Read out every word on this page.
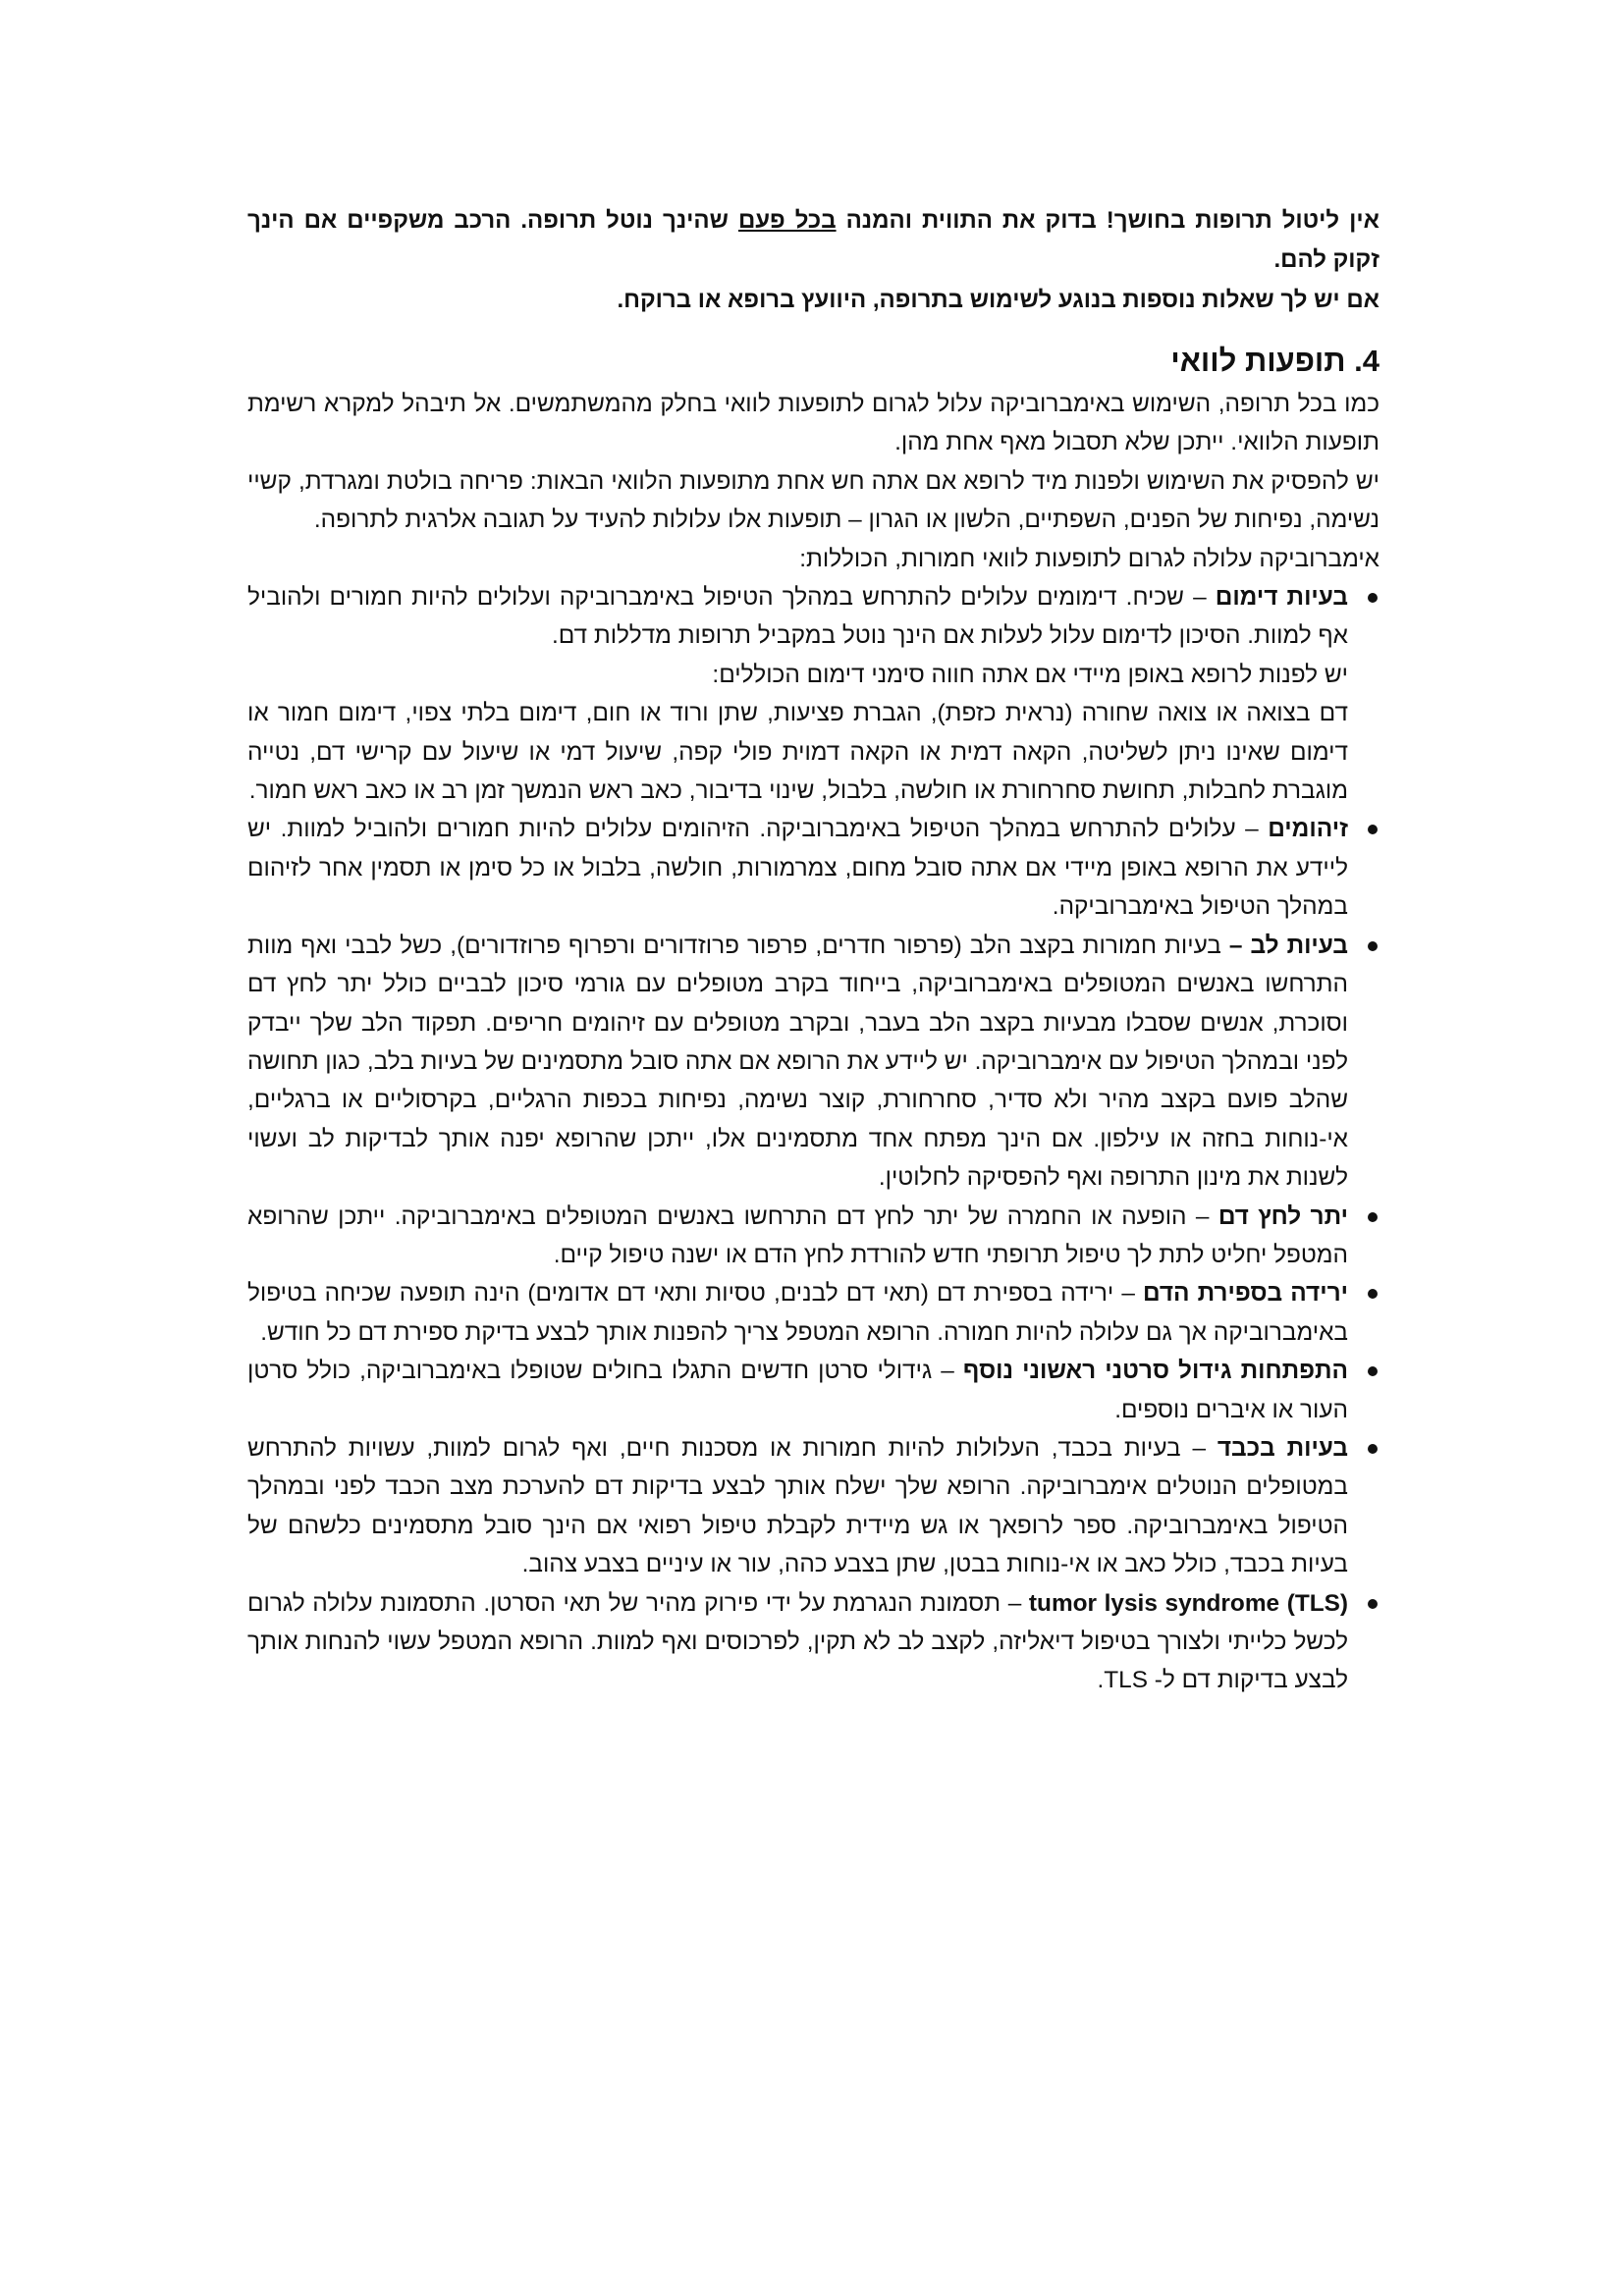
אין ליטול תרופות בחושך! בדוק את התווית והמנה בכל פעם שהינך נוטל תרופה. הרכב משקפיים אם הינך זקוק להם.

אם יש לך שאלות נוספות בנוגע לשימוש בתרופה, היוועץ ברופא או ברוקח.

4. תופעות לוואי

כמו בכל תרופה, השימוש באימברוביקה עלול לגרום לתופעות לוואי בחלק מהמשתמשים. אל תיבהל למקרא רשימת תופעות הלוואי. ייתכן שלא תסבול מאף אחת מהן.

יש להפסיק את השימוש ולפנות מיד לרופא אם אתה חש אחת מתופעות הלוואי הבאות: פריחה בולטת ומגרדת, קשיי נשימה, נפיחות של הפנים, השפתיים, הלשון או הגרון – תופעות אלו עלולות להעיד על תגובה אלרגית לתרופה.

אימברוביקה עלולה לגרום לתופעות לוואי חמורות, הכוללות:

בעיות דימום – שכיח. דימומים עלולים להתרחש במהלך הטיפול באימברוביקה ועלולים להיות חמורים ולהוביל אף למוות. הסיכון לדימום עלול לעלות אם הינך נוטל במקביל תרופות מדללות דם.
יש לפנות לרופא באופן מיידי אם אתה חווה סימני דימום הכוללים:
דם בצואה או צואה שחורה (נראית כזפת), הגברת פציעות, שתן ורוד או חום, דימום בלתי צפוי, דימום חמור או דימום שאינו ניתן לשליטה, הקאה דמית או הקאה דמוית פולי קפה, שיעול דמי או שיעול עם קרישי דם, נטייה מוגברת לחבלות, תחושת סחרחורת או חולשה, בלבול, שינוי בדיבור, כאב ראש הנמשך זמן רב או כאב ראש חמור.
זיהומים – עלולים להתרחש במהלך הטיפול באימברוביקה. הזיהומים עלולים להיות חמורים ולהוביל למוות. יש ליידע את הרופא באופן מיידי אם אתה סובל מחום, צמרמורות, חולשה, בלבול או כל סימן או תסמין אחר לזיהום במהלך הטיפול באימברוביקה.
בעיות לב – בעיות חמורות בקצב הלב (פרפור חדרים, פרפור פרוזדורים ורפרוף פרוזדורים), כשל לבבי ואף מוות התרחשו באנשים המטופלים באימברוביקה, בייחוד בקרב מטופלים עם גורמי סיכון לבביים כולל יתר לחץ דם וסוכרת, אנשים שסבלו מבעיות בקצב הלב בעבר, ובקרב מטופלים עם זיהומים חריפים. תפקוד הלב שלך ייבדק לפני ובמהלך הטיפול עם אימברוביקה. יש ליידע את הרופא אם אתה סובל מתסמינים של בעיות בלב, כגון תחושה שהלב פועם בקצב מהיר ולא סדיר, סחרחורת, קוצר נשימה, נפיחות בכפות הרגליים, בקרסוליים או ברגליים, אי-נוחות בחזה או עילפון. אם הינך מפתח אחד מתסמינים אלו, ייתכן שהרופא יפנה אותך לבדיקות לב ועשוי לשנות את מינון התרופה ואף להפסיקה לחלוטין.
יתר לחץ דם – הופעה או החמרה של יתר לחץ דם התרחשו באנשים המטופלים באימברוביקה. ייתכן שהרופא המטפל יחליט לתת לך טיפול תרופתי חדש להורדת לחץ הדם או ישנה טיפול קיים.
ירידה בספירת הדם – ירידה בספירת דם (תאי דם לבנים, טסיות ותאי דם אדומים) הינה תופעה שכיחה בטיפול באימברוביקה אך גם עלולה להיות חמורה. הרופא המטפל צריך להפנות אותך לבצע בדיקת ספירת דם כל חודש.
התפתחות גידול סרטני ראשוני נוסף – גידולי סרטן חדשים התגלו בחולים שטופלו באימברוביקה, כולל סרטן העור או איברים נוספים.
בעיות בכבד – בעיות בכבד, העלולות להיות חמורות או מסכנות חיים, ואף לגרום למוות, עשויות להתרחש במטופלים הנוטלים אימברוביקה. הרופא שלך ישלח אותך לבצע בדיקות דם להערכת מצב הכבד לפני ובמהלך הטיפול באימברוביקה. ספר לרופאך או גש מיידית לקבלת טיפול רפואי אם הינך סובל מתסמינים כלשהם של בעיות בכבד, כולל כאב או אי-נוחות בבטן, שתן בצבע כהה, עור או עיניים בצבע צהוב.
tumor lysis syndrome (TLS) – תסמונת הנגרמת על ידי פירוק מהיר של תאי הסרטן. התסמונת עלולה לגרום לכשל כלייתי ולצורך בטיפול דיאליזה, לקצב לב לא תקין, לפרכוסים ואף למוות. הרופא המטפל עשוי להנחות אותך לבצע בדיקות דם ל- TLS.
